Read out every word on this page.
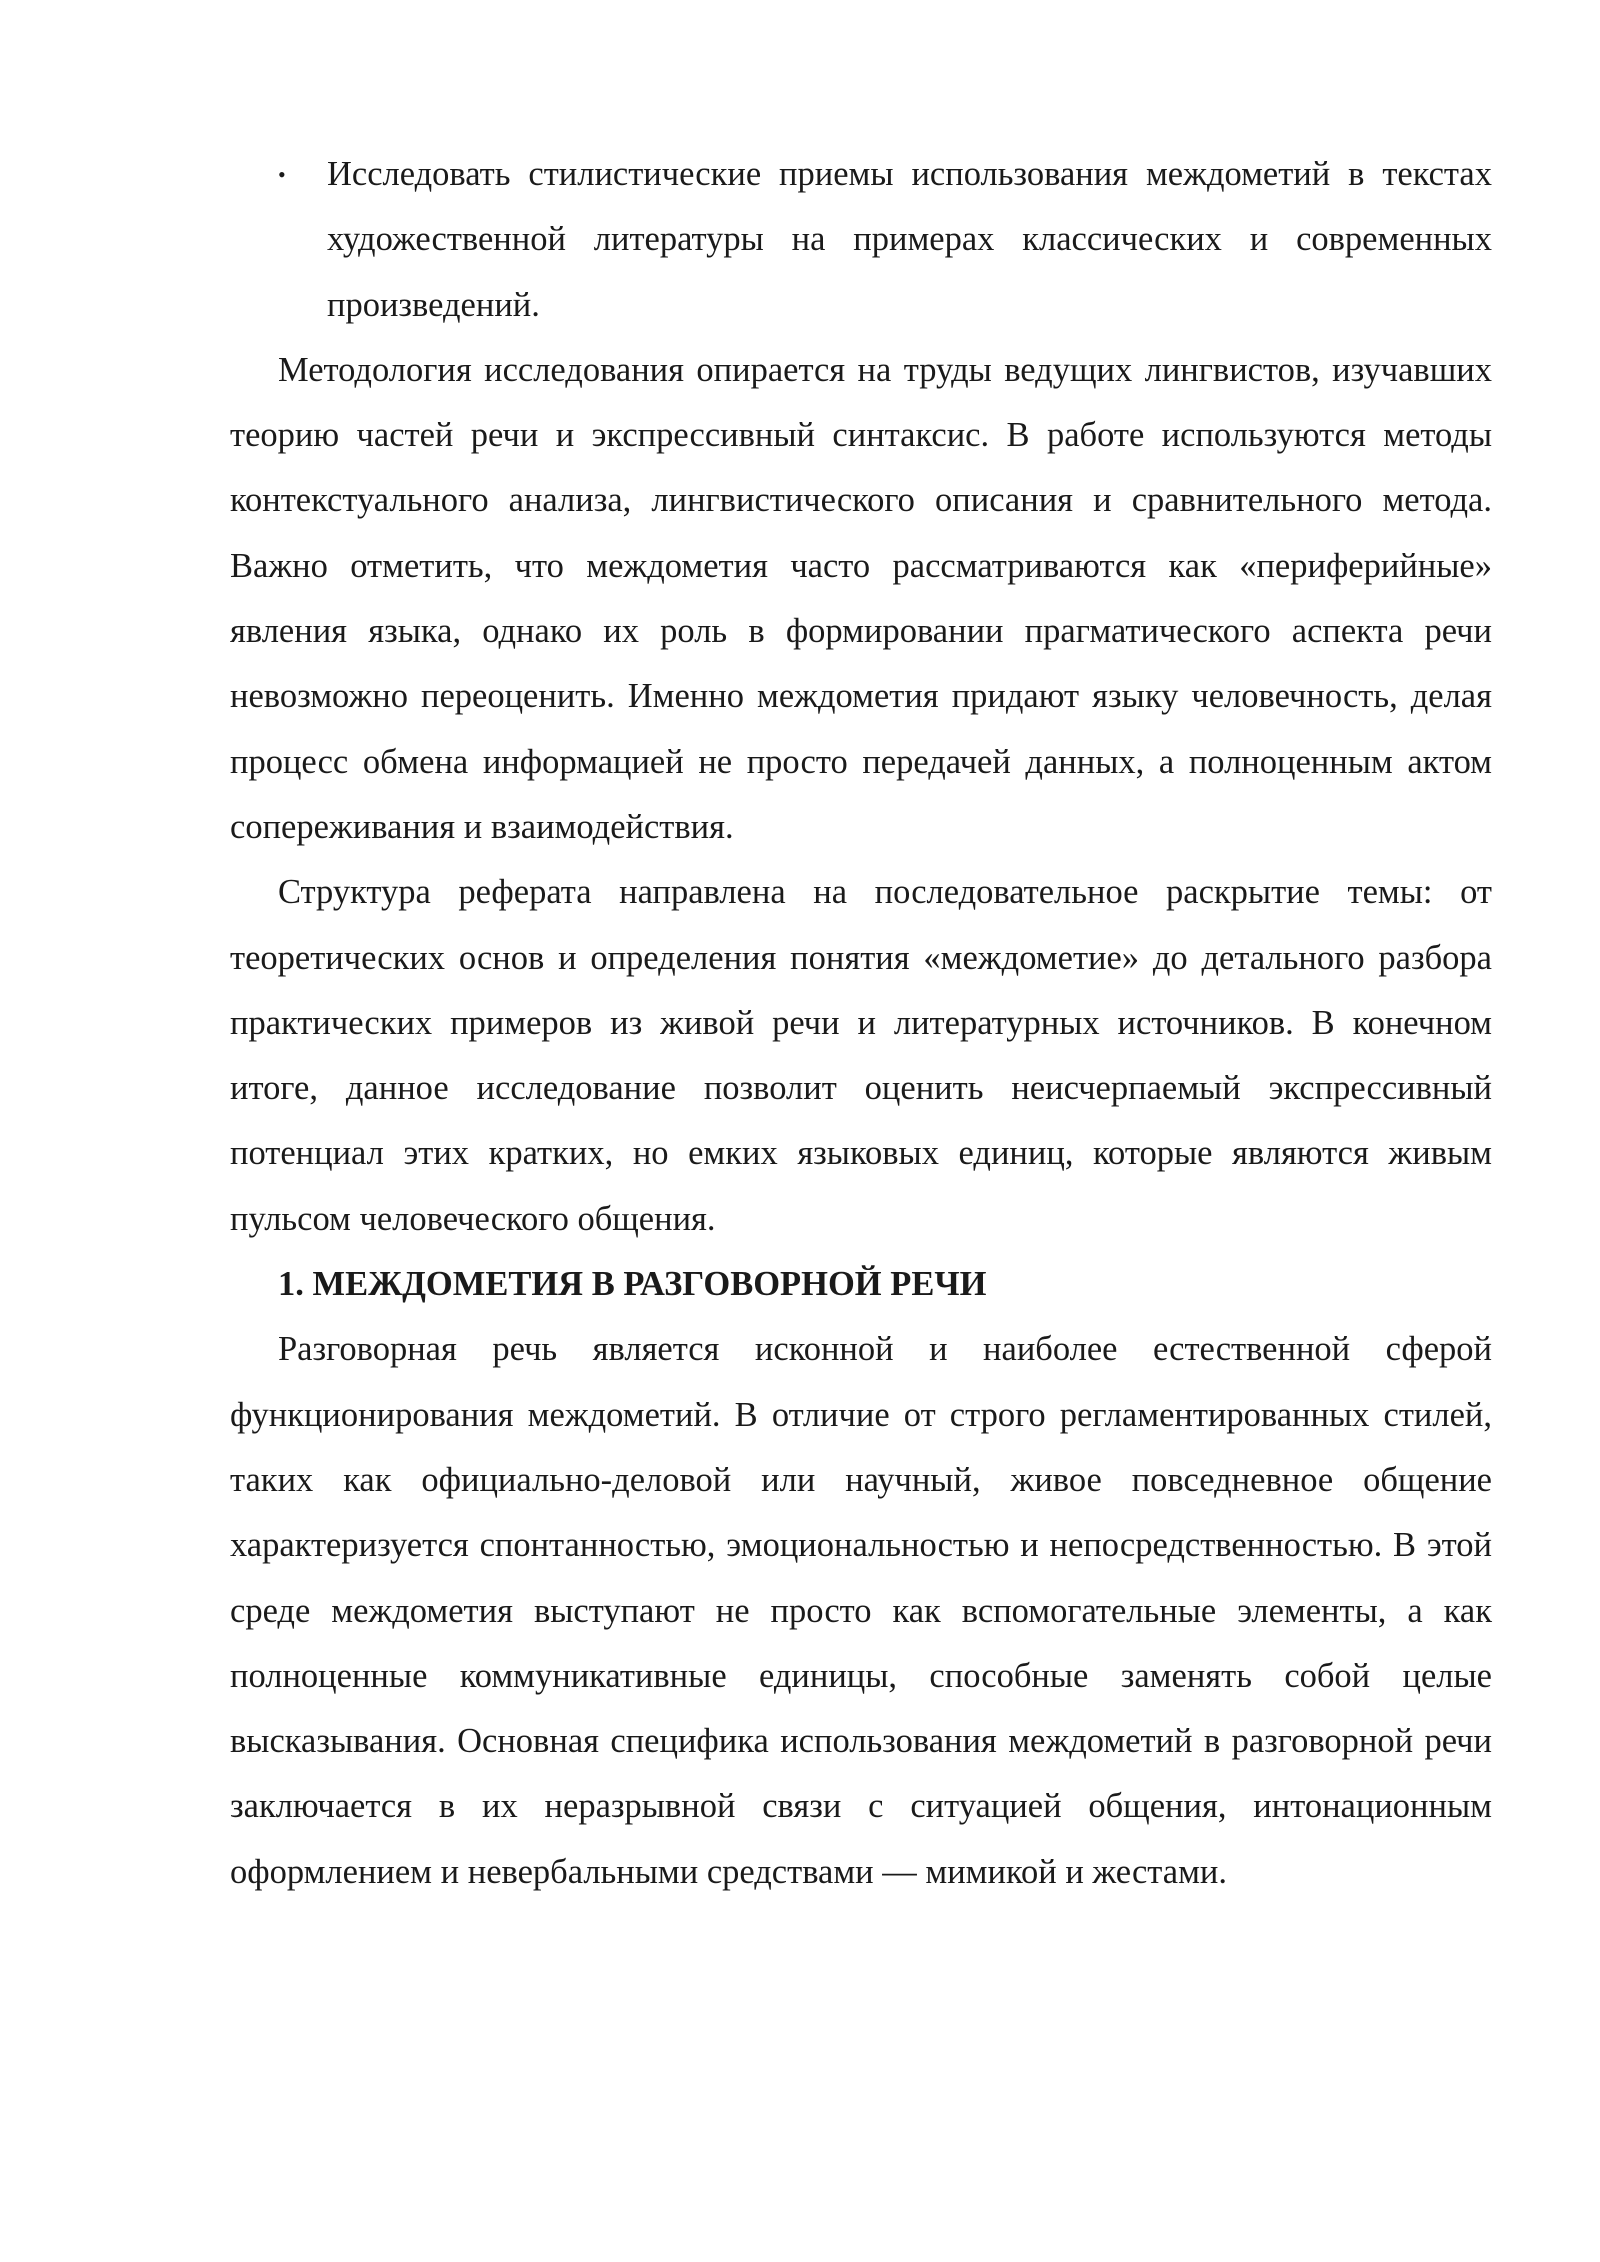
• Исследовать стилистические приемы использования междометий в текстах художественной литературы на примерах классических и современных произведений.

Методология исследования опирается на труды ведущих лингвистов, изучавших теорию частей речи и экспрессивный синтаксис. В работе используются методы контекстуального анализа, лингвистического описания и сравнительного метода. Важно отметить, что междометия часто рассматриваются как «периферийные» явления языка, однако их роль в формировании прагматического аспекта речи невозможно переоценить. Именно междометия придают языку человечность, делая процесс обмена информацией не просто передачей данных, а полноценным актом сопереживания и взаимодействия.

Структура реферата направлена на последовательное раскрытие темы: от теоретических основ и определения понятия «междометие» до детального разбора практических примеров из живой речи и литературных источников. В конечном итоге, данное исследование позволит оценить неисчерпаемый экспрессивный потенциал этих кратких, но емких языковых единиц, которые являются живым пульсом человеческого общения.

1. МЕЖДОМЕТИЯ В РАЗГОВОРНОЙ РЕЧИ

Разговорная речь является исконной и наиболее естественной сферой функционирования междометий. В отличие от строго регламентированных стилей, таких как официально-деловой или научный, живое повседневное общение характеризуется спонтанностью, эмоциональностью и непосредственностью. В этой среде междометия выступают не просто как вспомогательные элементы, а как полноценные коммуникативные единицы, способные заменять собой целые высказывания. Основная специфика использования междометий в разговорной речи заключается в их неразрывной связи с ситуацией общения, интонационным оформлением и невербальными средствами — мимикой и жестами.
